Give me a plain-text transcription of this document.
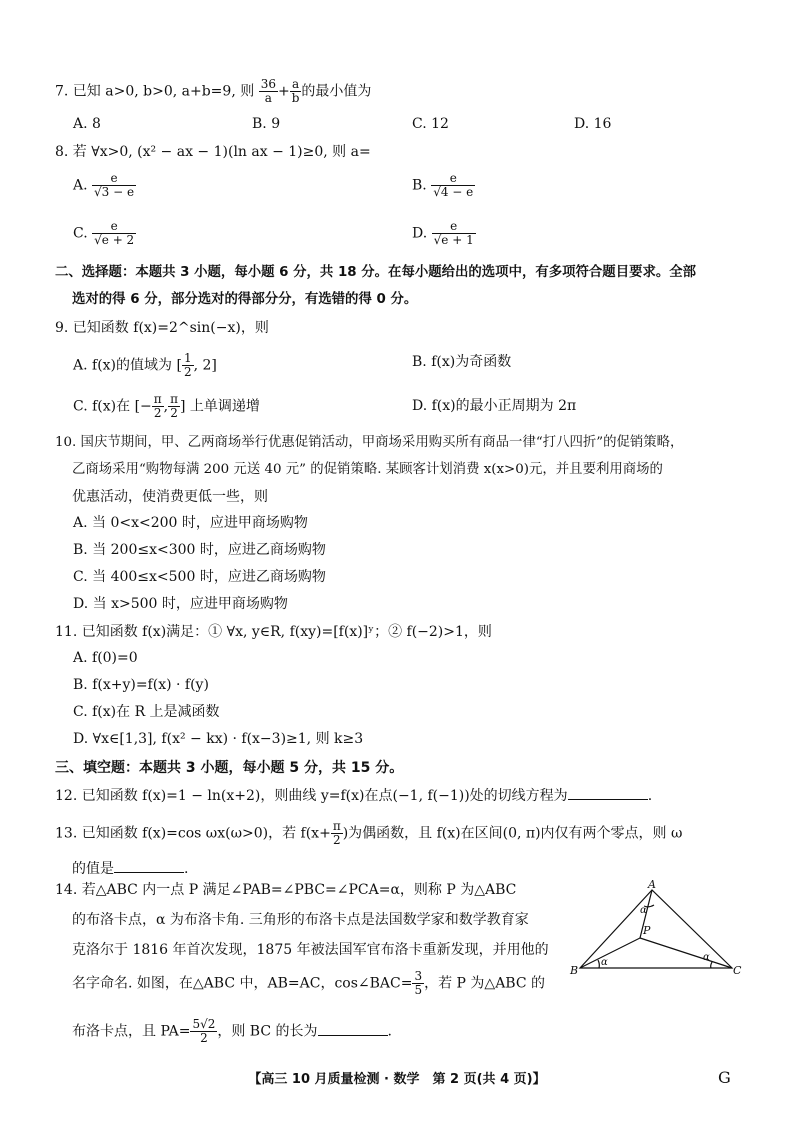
7. 已知 a>0, b>0, a+b=9, 则 $\frac{36}{a} + \frac{a}{b}$ 的最小值为
A. 8	B. 9	C. 12	D. 16
8. 若 ∀x>0, (x² − ax − 1)(ln ax − 1)≥0, 则 a=
A. $\frac{e}{√3 - e}$	B. $\frac{e}{√4 - e}$
C. $\frac{e}{√e + 2}$	D. $\frac{e}{√e + 1}$
二、选择题：本题共 3 小题，每小题 6 分，共 18 分。在每小题给出的选项中，有多项符合题目要求。全部
选对的得 6 分，部分选对的得部分分，有选错的得 0 分。
9. 已知函数 f(x)=2^sin(−x)，则
A. f(x)的值域为 [ $\frac{1}{2}$ , 2]	B. f(x)为奇函数
C. f(x)在 [− $\frac{\pi}{2}$ , $\frac{\pi}{2}$ ] 上单调递增	D. f(x)的最小正周期为 2π
10. 国庆节期间，甲、乙两商场举行优惠促销活动，甲商场采用购买所有商品一律“打八四折”的促销策略，
乙商场采用“购物每满 200 元送 40 元” 的促销策略. 某顾客计划消费 x(x>0)元，并且要利用商场的
优惠活动，使消费更低一些，则
A. 当 0<x<200 时，应进甲商场购物
B. 当 200≤x<300 时，应进乙商场购物
C. 当 400≤x<500 时，应进乙商场购物
D. 当 x>500 时，应进甲商场购物
11. 已知函数 f(x)满足：① ∀x, y∈R, f(xy)=[f(x)]ʸ；② f(−2)>1，则
A. f(0)=0
B. f(x+y)=f(x) · f(y)
C. f(x)在 R 上是减函数
D. ∀x∈[1,3], f(x² − kx) · f(x−3)≥1, 则 k≥3
三、填空题：本题共 3 小题，每小题 5 分，共 15 分。
12. 已知函数 f(x)=1 − ln(x+2)，则曲线 y=f(x)在点(−1, f(−1))处的切线方程为	.
13. 已知函数 f(x)=cos ωx(ω>0)，若 $f(x+ \frac{\pi}{2}$ )为偶函数，且 f(x)在区间(0, π)内仅有两个零点，则 ω
的值是	.
14. 若△ABC 内一点 P 满足∠PAB=∠PBC=∠PCA=α，则称 P 为△ABC
的布洛卡点，α 为布洛卡角. 三角形的布洛卡点是法国数学家和数学教育家
克洛尔于 1816 年首次发现，1875 年被法国军官布洛卡重新发现，并用他的
名字命名. 如图，在△ABC 中，AB=AC，cos∠BAC= $\frac{3}{5}$ ，若 P 为△ABC 的
布洛卡点，且 $PA= \frac{5√2}{2}$ ，则 BC 的长为	.
A
B	C
P
α
α	α
【高三 10 月质量检测 · 数学　第 2 页(共 4 页)】	G
